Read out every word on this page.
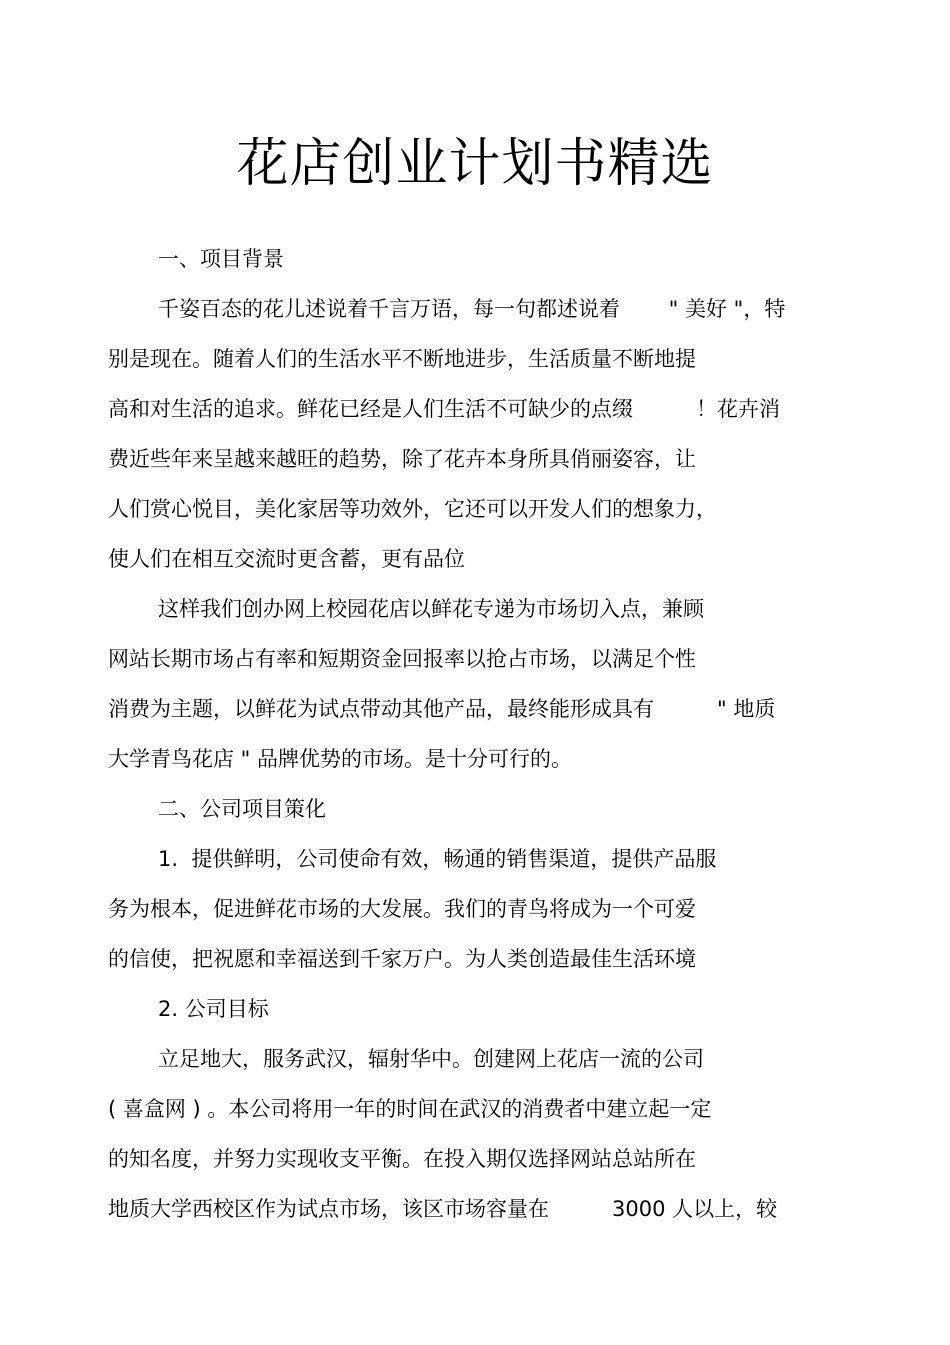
花店创业计划书精选
一、项目背景
千姿百态的花儿述说着千言万语，每一句都述说着　　 " 美好 "，特
别是现在。随着人们的生活水平不断地进步，生活质量不断地提
高和对生活的追求。鲜花已经是人们生活不可缺少的点缀　　　！花卉消
费近些年来呈越来越旺的趋势，除了花卉本身所具俏丽姿容，让
人们赏心悦目，美化家居等功效外，它还可以开发人们的想象力，
使人们在相互交流时更含蓄，更有品位
这样我们创办网上校园花店以鲜花专递为市场切入点，兼顾
网站长期市场占有率和短期资金回报率以抢占市场，以满足个性
消费为主题，以鲜花为试点带动其他产品，最终能形成具有　　　" 地质
大学青鸟花店 " 品牌优势的市场。是十分可行的。
二、公司项目策化
1.  提供鲜明，公司使命有效，畅通的销售渠道，提供产品服
务为根本，促进鲜花市场的大发展。我们的青鸟将成为一个可爱
的信使，把祝愿和幸福送到千家万户。为人类创造最佳生活环境
2. 公司目标
立足地大，服务武汉，辐射华中。创建网上花店一流的公司
( 喜盒网 ) 。本公司将用一年的时间在武汉的消费者中建立起一定
的知名度，并努力实现收支平衡。在投入期仅选择网站总站所在
地质大学西校区作为试点市场，该区市场容量在　　　3000 人以上，较
